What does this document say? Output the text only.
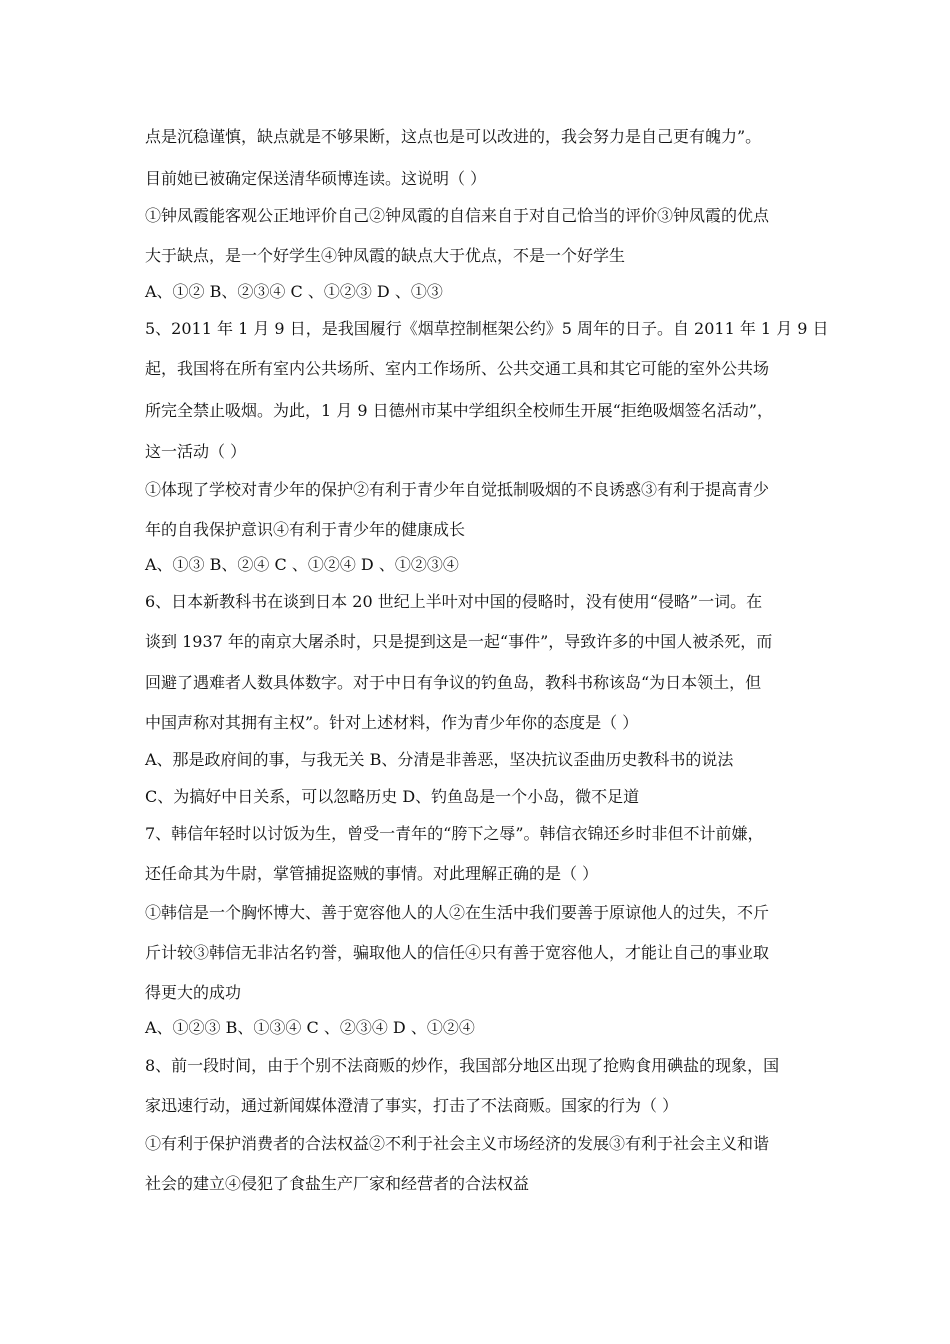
点是沉稳谨慎，缺点就是不够果断，这点也是可以改进的，我会努力是自己更有魄力”。
目前她已被确定保送清华硕博连读。这说明（ ）
①钟凤霞能客观公正地评价自己②钟凤霞的自信来自于对自己恰当的评价③钟凤霞的优点
大于缺点，是一个好学生④钟凤霞的缺点大于优点，不是一个好学生
A、①② B、②③④ C 、①②③ D 、①③
5、2011 年 1 月 9 日，是我国履行《烟草控制框架公约》5 周年的日子。自 2011 年 1 月 9 日
起，我国将在所有室内公共场所、室内工作场所、公共交通工具和其它可能的室外公共场
所完全禁止吸烟。为此，1 月 9 日德州市某中学组织全校师生开展“拒绝吸烟签名活动”，
这一活动（ ）
①体现了学校对青少年的保护②有利于青少年自觉抵制吸烟的不良诱惑③有利于提高青少
年的自我保护意识④有利于青少年的健康成长
A、①③ B、②④ C 、①②④ D 、①②③④
6、日本新教科书在谈到日本 20 世纪上半叶对中国的侵略时，没有使用“侵略”一词。在
谈到 1937 年的南京大屠杀时，只是提到这是一起“事件”，导致许多的中国人被杀死，而
回避了遇难者人数具体数字。对于中日有争议的钓鱼岛，教科书称该岛“为日本领土，但
中国声称对其拥有主权”。针对上述材料，作为青少年你的态度是（ ）
A、那是政府间的事，与我无关 B、分清是非善恶，坚决抗议歪曲历史教科书的说法
C、为搞好中日关系，可以忽略历史 D、钓鱼岛是一个小岛，微不足道
7、韩信年轻时以讨饭为生，曾受一青年的“胯下之辱”。韩信衣锦还乡时非但不计前嫌，
还任命其为牛尉，掌管捕捉盗贼的事情。对此理解正确的是（ ）
①韩信是一个胸怀博大、善于宽容他人的人②在生活中我们要善于原谅他人的过失，不斤
斤计较③韩信无非沽名钓誉，骗取他人的信任④只有善于宽容他人，才能让自己的事业取
得更大的成功
A、①②③ B、①③④ C 、②③④ D 、①②④
8、前一段时间，由于个别不法商贩的炒作，我国部分地区出现了抢购食用碘盐的现象，国
家迅速行动，通过新闻媒体澄清了事实，打击了不法商贩。国家的行为（ ）
①有利于保护消费者的合法权益②不利于社会主义市场经济的发展③有利于社会主义和谐
社会的建立④侵犯了食盐生产厂家和经营者的合法权益
